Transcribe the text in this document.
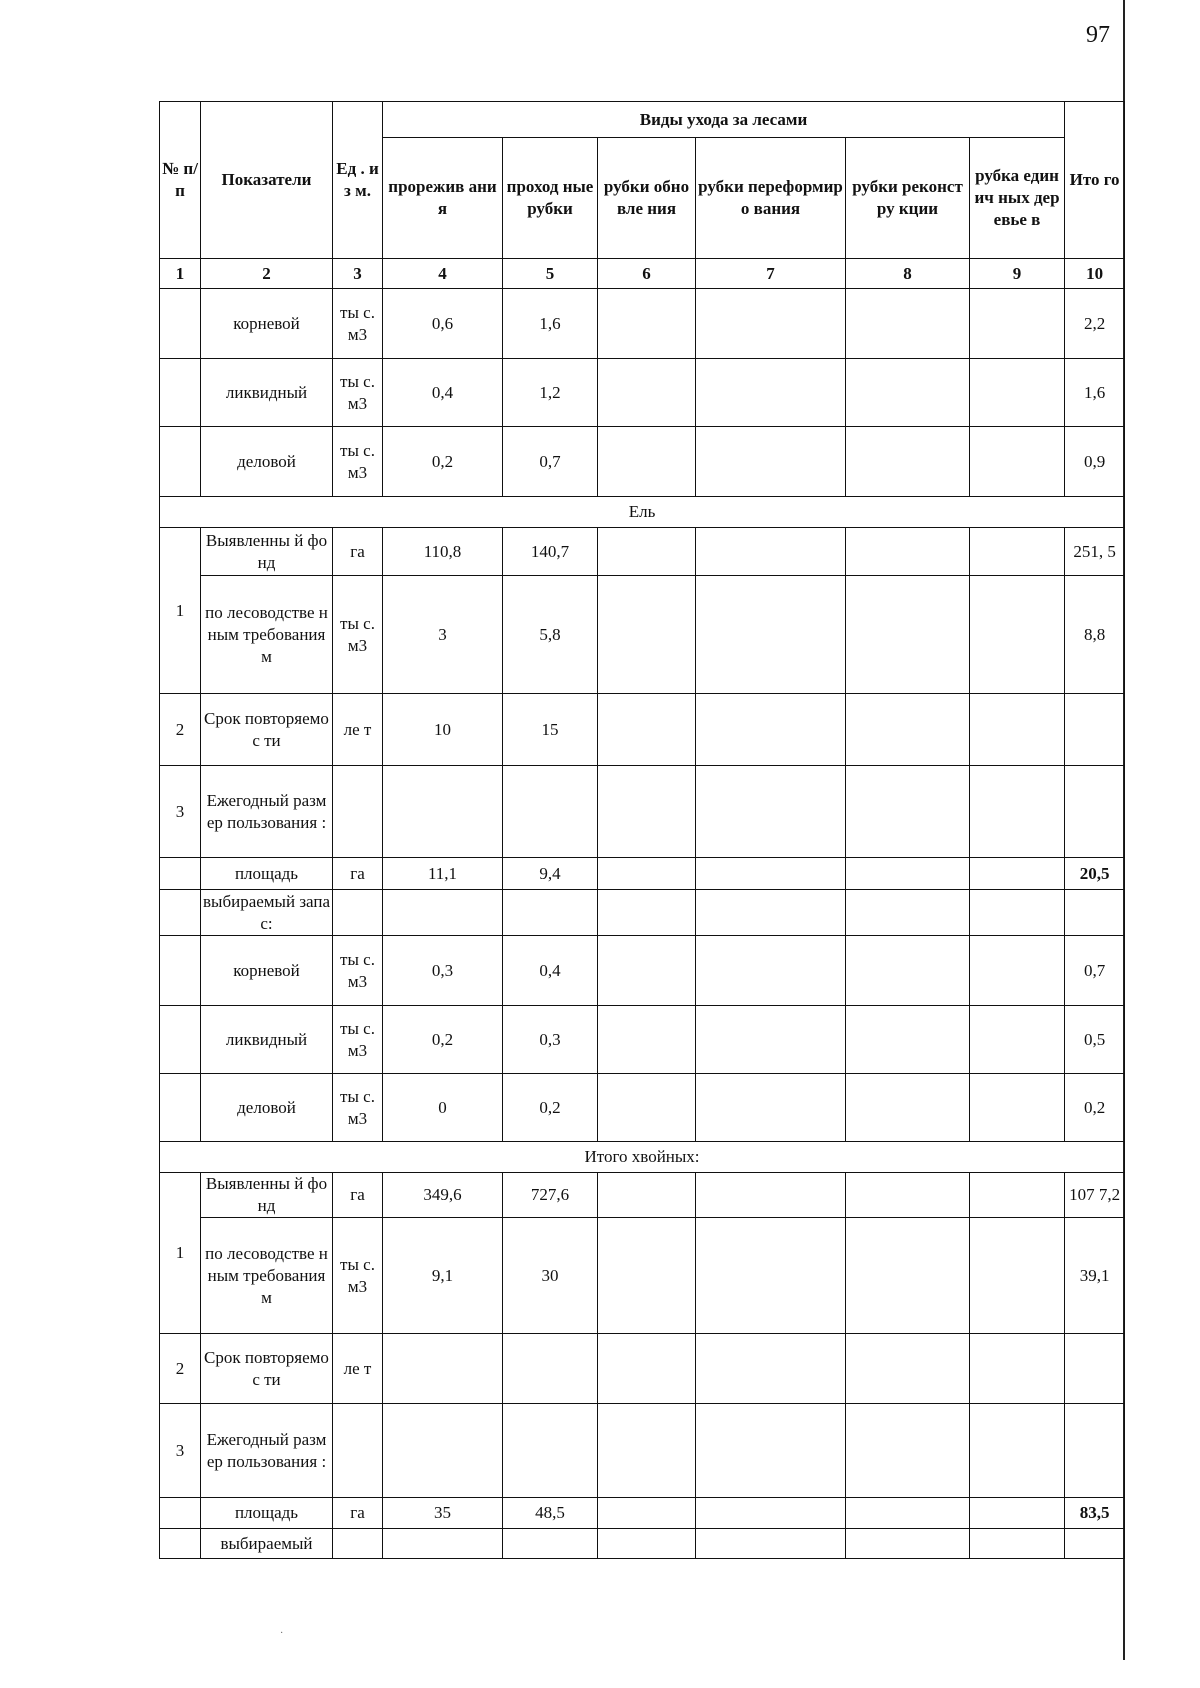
97
·
№ п/ п	Показатели	Ед . из м.	Виды ухода за лесами						Ито го
			прорежив ания	проход ные рубки	рубки обновле ния	рубки переформиро вания	рубки реконстру кции	рубка единич ных деревье в	
1	2	3	4	5	6	7	8	9	10
	корневой	ты с. м3	0,6	1,6					2,2
	ликвидный	ты с. м3	0,4	1,2					1,6
	деловой	ты с. м3	0,2	0,7					0,9
Ель									
1	Выявленны й фонд	га	110,8	140,7					251, 5
	по лесоводстве нным требования м	ты с. м3	3	5,8					8,8
2	Срок повторяемос ти	ле т	10	15					
3	Ежегодный размер пользования :								
	площадь	га	11,1	9,4					20,5
	выбираемый запас:								
	корневой	ты с. м3	0,3	0,4					0,7
	ликвидный	ты с. м3	0,2	0,3					0,5
	деловой	ты с. м3	0	0,2					0,2
Итого хвойных:									
1	Выявленны й фонд	га	349,6	727,6					107 7,2
	по лесоводстве нным требования м	ты с. м3	9,1	30					39,1
2	Срок повторяемос ти	ле т							
3	Ежегодный размер пользования :								
	площадь	га	35	48,5					83,5
	выбираемый								
